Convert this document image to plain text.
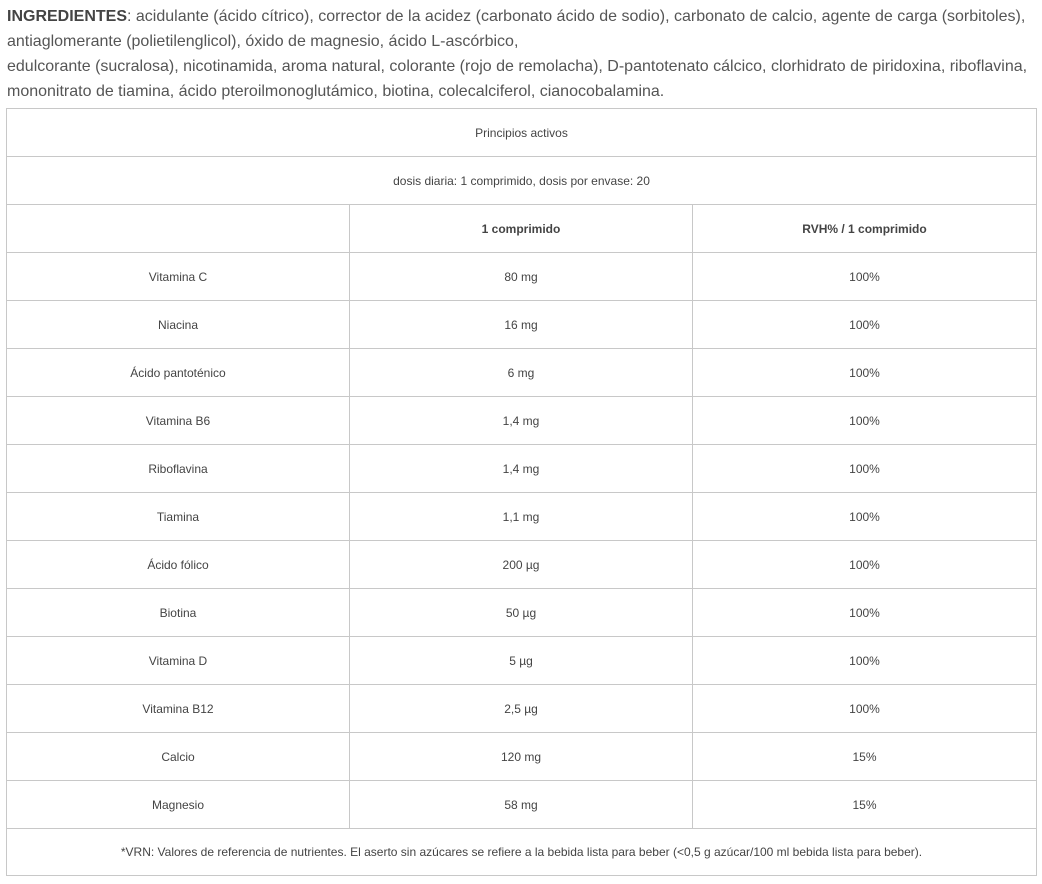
INGREDIENTES: acidulante (ácido cítrico), corrector de la acidez (carbonato ácido de sodio), carbonato de calcio, agente de carga (sorbitoles), antiaglomerante (polietilenglicol), óxido de magnesio, ácido L-ascórbico,

edulcorante (sucralosa), nicotinamida, aroma natural, colorante (rojo de remolacha), D-pantotenato cálcico, clorhidrato de piridoxina, riboflavina, mononitrato de tiamina, ácido pteroilmonoglutámico, biotina, colecalciferol, cianocobalamina.

Principios activos		
dosis diaria: 1 comprimido, dosis por envase: 20		
	1 comprimido	RVH% / 1 comprimido
Vitamina C	80 mg	100%
Niacina	16 mg	100%
Ácido pantoténico	6 mg	100%
Vitamina B6	1,4 mg	100%
Riboflavina	1,4 mg	100%
Tiamina	1,1 mg	100%
Ácido fólico	200 µg	100%
Biotina	50 µg	100%
Vitamina D	5 µg	100%
Vitamina B12	2,5 µg	100%
Calcio	120 mg	15%
Magnesio	58 mg	15%
*VRN: Valores de referencia de nutrientes. El aserto sin azúcares se refiere a la bebida lista para beber (<0,5 g azúcar/100 ml bebida lista para beber).		
